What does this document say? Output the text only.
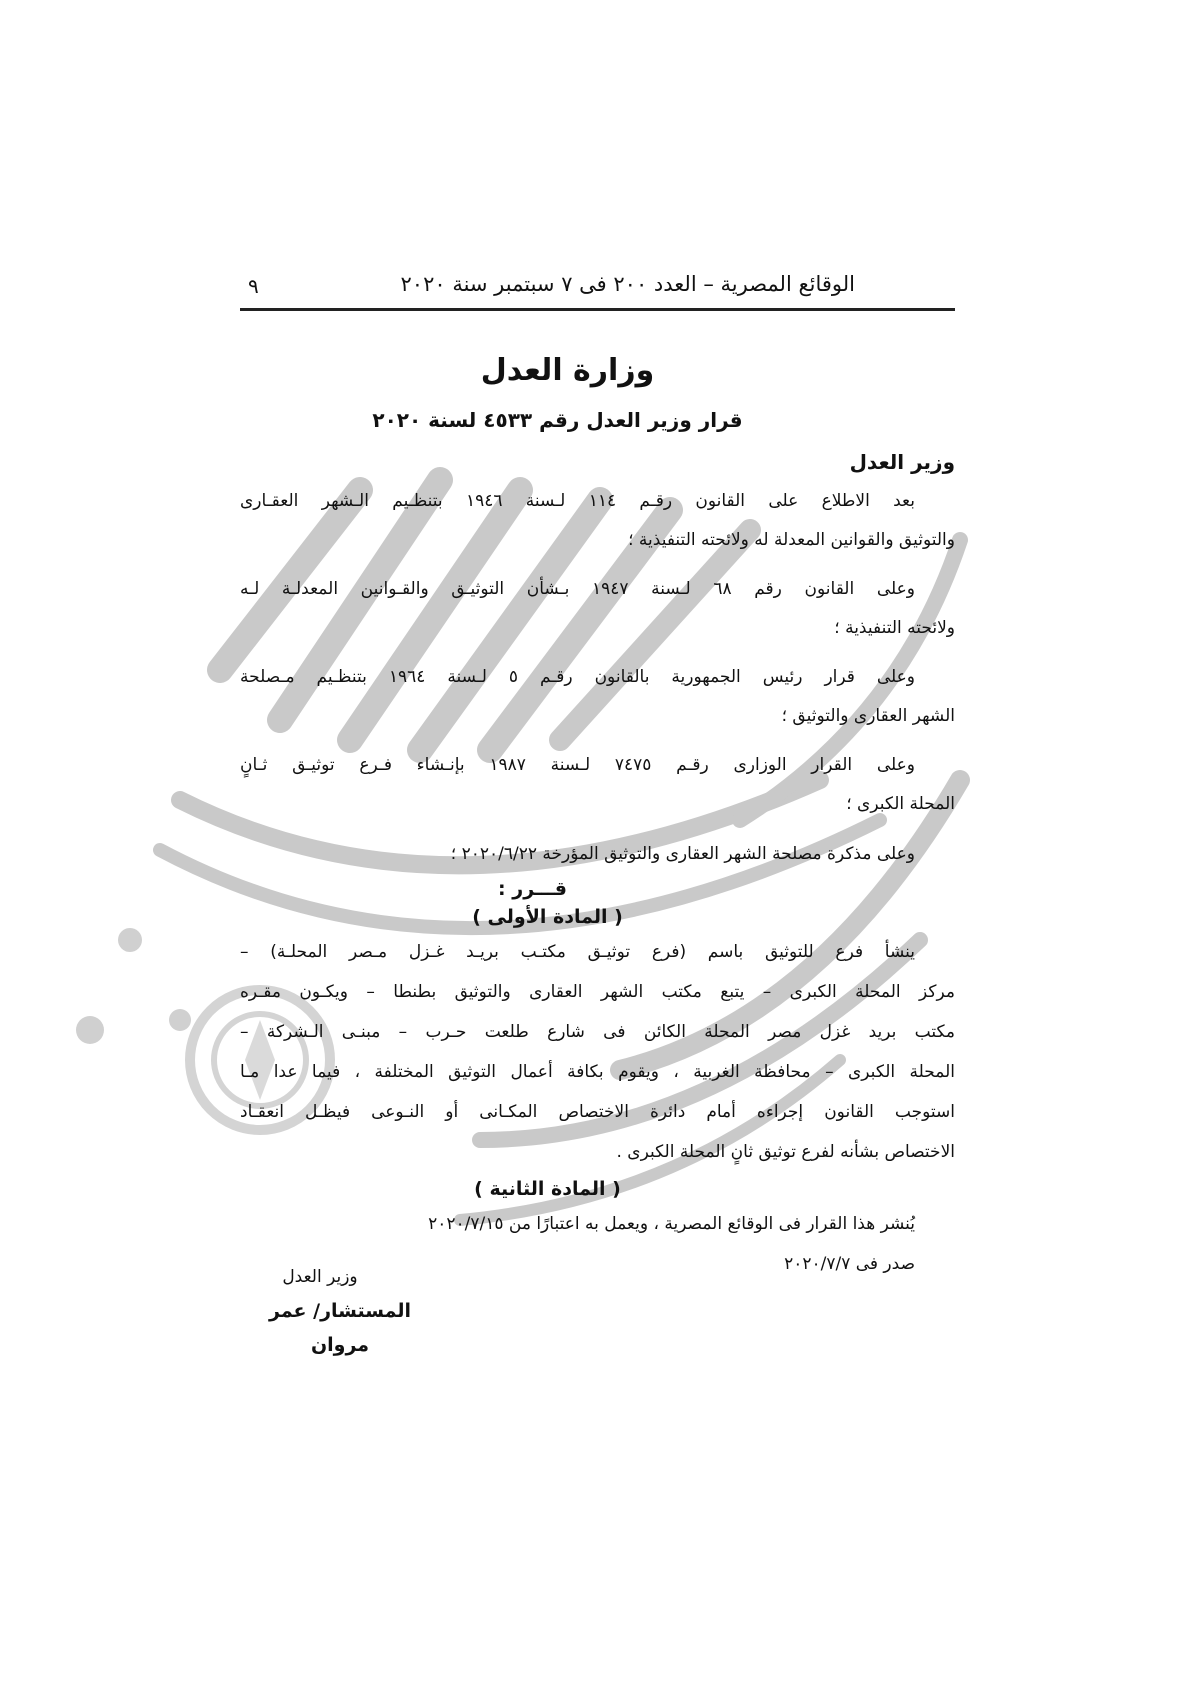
الوقائع المصرية – العدد ٢٠٠ فى ٧ سبتمبر سنة ٢٠٢٠
٩
وزارة العدل
قرار وزير العدل رقم ٤٥٣٣ لسنة ٢٠٢٠
وزير العدل
بعد الاطلاع على القانون رقـم ١١٤ لـسنة ١٩٤٦ بتنظـيم الـشهر العقـارى
والتوثيق والقوانين المعدلة له ولائحته التنفيذية ؛
وعلى القانون رقم ٦٨ لـسنة ١٩٤٧ بـشأن التوثيـق والقـوانين المعدلـة لـه
ولائحته التنفيذية ؛
وعلى قرار رئيس الجمهورية بالقانون رقـم ٥ لـسنة ١٩٦٤ بتنظـيم مـصلحة
الشهر العقارى والتوثيق ؛
وعلى القرار الوزارى رقـم ٧٤٧٥ لـسنة ١٩٨٧ بإنـشاء فـرع توثيـق ثـانٍ
المحلة الكبرى ؛
وعلى مذكرة مصلحة الشهر العقارى والتوثيق المؤرخة ٢٠٢٠/٦/٢٢ ؛
قـــرر :
( المادة الأولى )
ينشأ فرع للتوثيق باسم (فرع توثيـق مكتـب بريـد غـزل مـصر المحلـة) –
مركز المحلة الكبرى – يتبع مكتب الشهر العقارى والتوثيق بطنطا – ويكـون مقـره
مكتب بريد غزل مصر المحلة الكائن فى شارع طلعت حـرب – مبنـى الـشركة –
المحلة الكبرى – محافظة الغربية ، ويقوم بكافة أعمال التوثيق المختلفة ، فيما عدا مـا
استوجب القانون إجراءه أمام دائرة الاختصاص المكـانى أو النـوعى فيظـل انعقـاد
الاختصاص بشأنه لفرع توثيق ثانٍ المحلة الكبرى .
( المادة الثانية )
يُنشر هذا القرار فى الوقائع المصرية ، ويعمل به اعتبارًا من ٢٠٢٠/٧/١٥
صدر فى ٢٠٢٠/٧/٧
وزير العدل
المستشار/ عمر مروان
